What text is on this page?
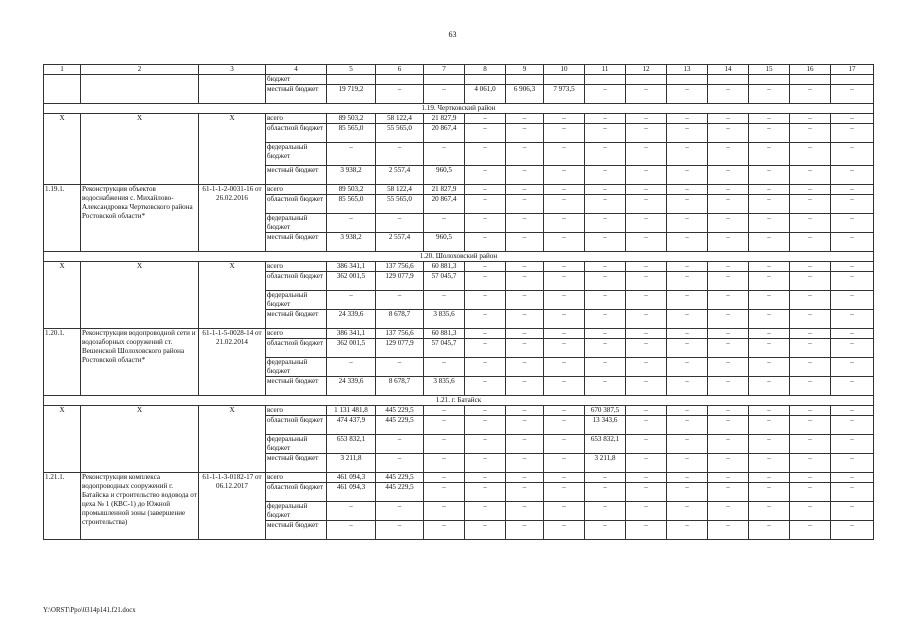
63
1	2	3	4	5	6	7	8	9	10	11	12	13	14	15	16	17
			бюджет													
			местный бюджет	19 719,2	–	–	4 061,0	6 906,3	7 973,5	–	–	–	–	–	–	–
1.19. Чертковский район																
Х	Х	Х	всего	89 503,2	58 122,4	21 827,9	–	–	–	–	–	–	–	–	–	–
			областной бюджет	85 565,0	55 565,0	20 867,4	–	–	–	–	–	–	–	–	–	–
			федеральный бюджет	–	–	–	–	–	–	–	–	–	–	–	–	–
			местный бюджет	3 938,2	2 557,4	960,5	–	–	–	–	–	–	–	–	–	–
1.19.1.	Реконструкция объектов водоснабжения с. Михайлово-Александровка Чертковского района Ростовской области*	61-1-1-2-0031-16 от 26.02.2016	всего	89 503,2	58 122,4	21 827,9	–	–	–	–	–	–	–	–	–	–
			областной бюджет	85 565,0	55 565,0	20 867,4	–	–	–	–	–	–	–	–	–	–
			федеральный бюджет	–	–	–	–	–	–	–	–	–	–	–	–	–
			местный бюджет	3 938,2	2 557,4	960,5	–	–	–	–	–	–	–	–	–	–
1.20. Шолоховский район																
Х	Х	Х	всего	386 341,1	137 756,6	60 881,3	–	–	–	–	–	–	–	–	–	–
			областной бюджет	362 001,5	129 077,9	57 045,7	–	–	–	–	–	–	–	–	–	–
			федеральный бюджет	–	–	–	–	–	–	–	–	–	–	–	–	–
			местный бюджет	24 339,6	8 678,7	3 835,6	–	–	–	–	–	–	–	–	–	–
1.20.1.	Реконструкция водопроводной сети и водозаборных сооружений ст. Вешенской Шолоховского района Ростовской области*	61-1-1-5-0028-14 от 21.02.2014	всего	386 341,1	137 756,6	60 881,3	–	–	–	–	–	–	–	–	–	–
			областной бюджет	362 001,5	129 077,9	57 045,7	–	–	–	–	–	–	–	–	–	–
			федеральный бюджет	–	–	–	–	–	–	–	–	–	–	–	–	–
			местный бюджет	24 339,6	8 678,7	3 835,6	–	–	–	–	–	–	–	–	–	–
1.21. г. Батайск																
Х	Х	Х	всего	1 131 481,8	445 229,5	–	–	–	–	670 387,5	–	–	–	–	–	–
			областной бюджет	474 437,9	445 229,5	–	–	–	–	13 343,6	–	–	–	–	–	–
			федеральный бюджет	653 832,1	–	–	–	–	–	653 832,1	–	–	–	–	–	–
			местный бюджет	3 211,8	–	–	–	–	–	3 211,8	–	–	–	–	–	–
1.21.1.	Реконструкция комплекса водопроводных сооружений г. Батайска и строительство водовода от цеха № 1 (КВС-1) до Южной промышленной зоны (завершение строительства)	61-1-1-3-0182-17 от 06.12.2017	всего	461 094,3	445 229,5	–	–	–	–	–	–	–	–	–	–	–
			областной бюджет	461 094,3	445 229,5	–	–	–	–	–	–	–	–	–	–	–
			федеральный бюджет	–	–	–	–	–	–	–	–	–	–	–	–	–
			местный бюджет	–	–	–	–	–	–	–	–	–	–	–	–	–
Y:\ORST\Ppo\0314p141.f21.docx
